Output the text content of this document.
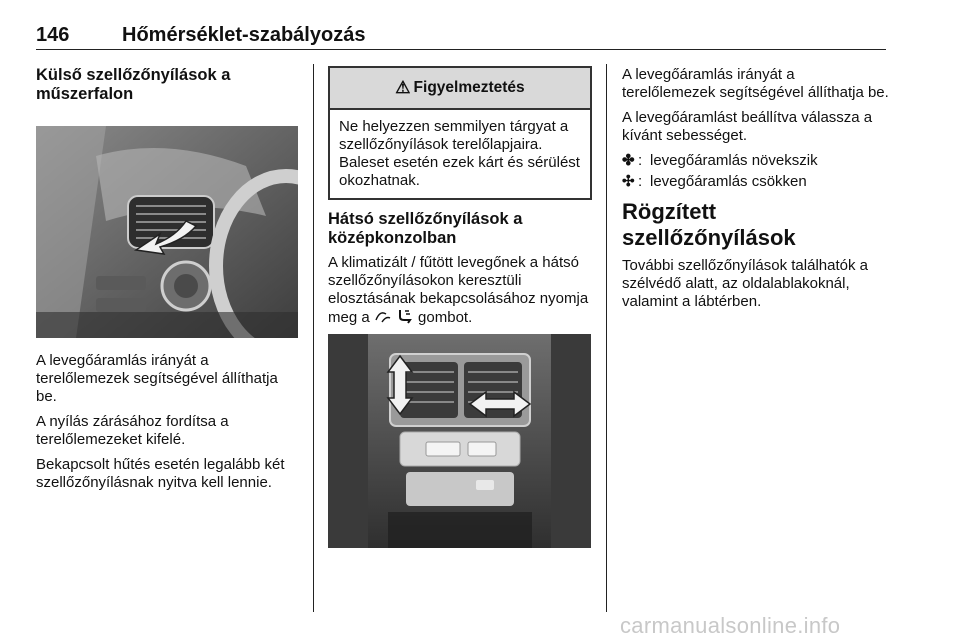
146	Hőmérséklet-szabályozás
Külső szellőzőnyílások a műszerfalon

A levegőáramlás irányát a terelőlemezek segítségével állíthatja be.

A nyílás zárásához fordítsa a terelőlemezeket kifelé.

Bekapcsolt hűtés esetén legalább két szellőzőnyílásnak nyitva kell lennie.

⚠ Figyelmeztetés
Ne helyezzen semmilyen tárgyat a szellőzőnyílások terelőlapjaira. Baleset esetén ezek kárt és sérülést okozhatnak.
Hátsó szellőzőnyílások a középkonzolban

A klimatizált / fűtött levegőnek a hátsó szellőzőnyílásokon keresztüli elosztásának bekapcsolásához nyomja meg a	gombot.

A levegőáramlás irányát a terelőlemezek segítségével állíthatja be.

A levegőáramlást beállítva válassza a kívánt sebességet.

✤ : levegőáramlás növekszik
✣ : levegőáramlás csökken
Rögzített szellőzőnyílások

További szellőzőnyílások találhatók a szélvédő alatt, az oldalablakoknál, valamint a lábtérben.

carmanualsonline.info
